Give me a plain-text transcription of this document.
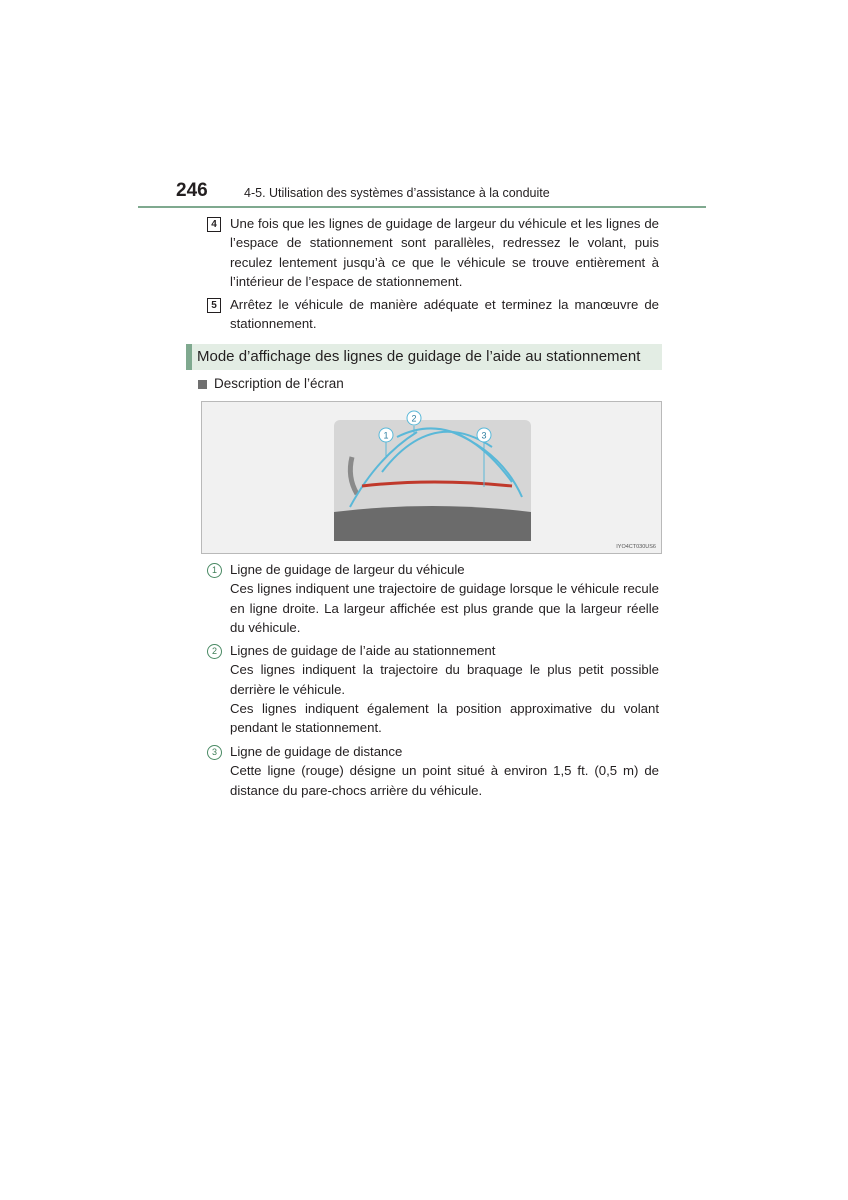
246	4-5. Utilisation des systèmes d’assistance à la conduite
4	Une fois que les lignes de guidage de largeur du véhicule et les lignes de l’espace de stationnement sont parallèles, redressez le volant, puis reculez lentement jusqu’à ce que le véhicule se trouve entièrement à l’intérieur de l’espace de stationnement.
5	Arrêtez le véhicule de manière adéquate et terminez la manœuvre de stationnement.
Mode d’affichage des lignes de guidage de l’aide au stationnement
Description de l’écran
1
2
3
IYO4CT030US6
1 Ligne de guidage de largeur du véhicule
Ces lignes indiquent une trajectoire de guidage lorsque le véhicule recule en ligne droite. La largeur affichée est plus grande que la largeur réelle du véhicule.
2 Lignes de guidage de l’aide au stationnement
Ces lignes indiquent la trajectoire du braquage le plus petit possible derrière le véhicule.
Ces lignes indiquent également la position approximative du volant pendant le stationnement.
3 Ligne de guidage de distance
Cette ligne (rouge) désigne un point situé à environ 1,5 ft. (0,5 m) de distance du pare-chocs arrière du véhicule.
